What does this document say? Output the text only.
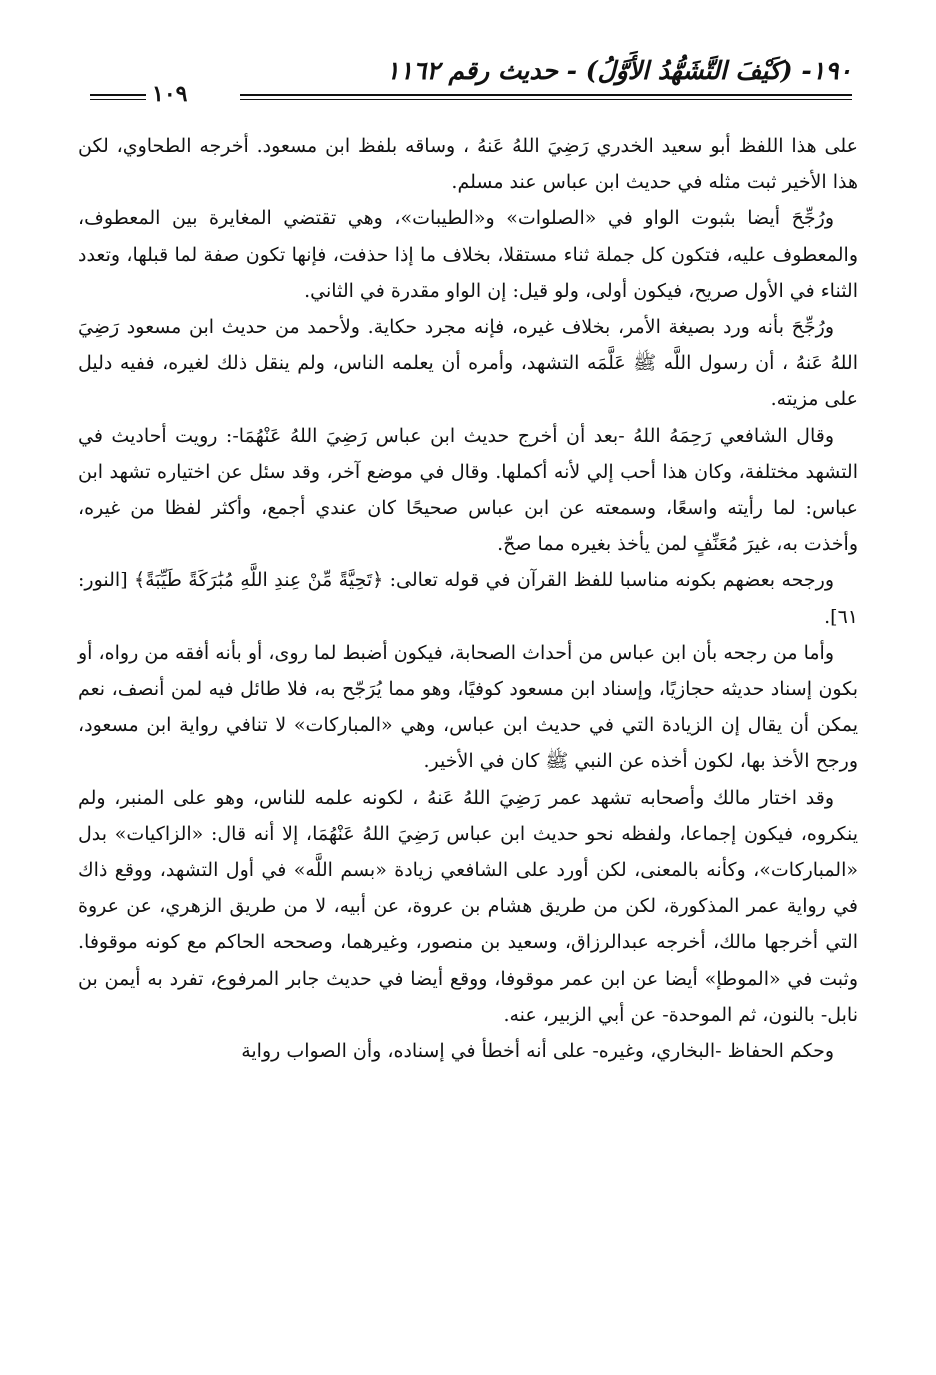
١٩٠- (كَيْفَ التَّشَهُّدُ الأَوَّلُ) - حديث رقم ١١٦٢
١٠٩

على هذا اللفظ أبو سعيد الخدري رَضِيَ اللهُ عَنهُ ، وساقه بلفظ ابن مسعود. أخرجه الطحاوي، لكن هذا الأخير ثبت مثله في حديث ابن عباس عند مسلم.

ورُجِّحَ أيضا بثبوت الواو في «الصلوات» و«الطيبات»، وهي تقتضي المغايرة بين المعطوف، والمعطوف عليه، فتكون كل جملة ثناء مستقلا، بخلاف ما إذا حذفت، فإنها تكون صفة لما قبلها، وتعدد الثناء في الأول صريح، فيكون أولى، ولو قيل: إن الواو مقدرة في الثاني.

ورُجِّحَ بأنه ورد بصيغة الأمر، بخلاف غيره، فإنه مجرد حكاية. ولأحمد من حديث ابن مسعود رَضِيَ اللهُ عَنهُ ، أن رسول اللَّه ﷺ عَلَّمَه التشهد، وأمره أن يعلمه الناس، ولم ينقل ذلك لغيره، ففيه دليل على مزيته.

وقال الشافعي رَحِمَهُ اللهُ -بعد أن أخرج حديث ابن عباس رَضِيَ اللهُ عَنْهُمَا-: رويت أحاديث في التشهد مختلفة، وكان هذا أحب إلي لأنه أكملها. وقال في موضع آخر، وقد سئل عن اختياره تشهد ابن عباس: لما رأيته واسعًا، وسمعته عن ابن عباس صحيحًا كان عندي أجمع، وأكثر لفظا من غيره، وأخذت به، غيرَ مُعَنِّفٍ لمن يأخذ بغيره مما صحّ.

ورجحه بعضهم بكونه مناسبا للفظ القرآن في قوله تعالى: ﴿تَحِيَّةً مِّنْ عِندِ اللَّهِ مُبَٰرَكَةً طَيِّبَةً﴾ [النور: ٦١].

وأما من رجحه بأن ابن عباس من أحداث الصحابة، فيكون أضبط لما روى، أو بأنه أفقه من رواه، أو بكون إسناد حديثه حجازيًا، وإسناد ابن مسعود كوفيًا، وهو مما يُرَجّح به، فلا طائل فيه لمن أنصف، نعم يمكن أن يقال إن الزيادة التي في حديث ابن عباس، وهي «المباركات» لا تنافي رواية ابن مسعود، ورجح الأخذ بها، لكون أخذه عن النبي ﷺ كان في الأخير.

وقد اختار مالك وأصحابه تشهد عمر رَضِيَ اللهُ عَنهُ ، لكونه علمه للناس، وهو على المنبر، ولم ينكروه، فيكون إجماعا، ولفظه نحو حديث ابن عباس رَضِيَ اللهُ عَنْهُمَا، إلا أنه قال: «الزاكيات» بدل «المباركات»، وكأنه بالمعنى، لكن أورد على الشافعي زيادة «بسم اللَّه» في أول التشهد، ووقع ذاك في رواية عمر المذكورة، لكن من طريق هشام بن عروة، عن أبيه، لا من طريق الزهري، عن عروة التي أخرجها مالك، أخرجه عبدالرزاق، وسعيد بن منصور، وغيرهما، وصححه الحاكم مع كونه موقوفا. وثبت في «الموطإ» أيضا عن ابن عمر موقوفا، ووقع أيضا في حديث جابر المرفوع، تفرد به أيمن بن نابل- بالنون، ثم الموحدة- عن أبي الزبير، عنه.

وحكم الحفاظ -البخاري، وغيره- على أنه أخطأ في إسناده، وأن الصواب رواية
